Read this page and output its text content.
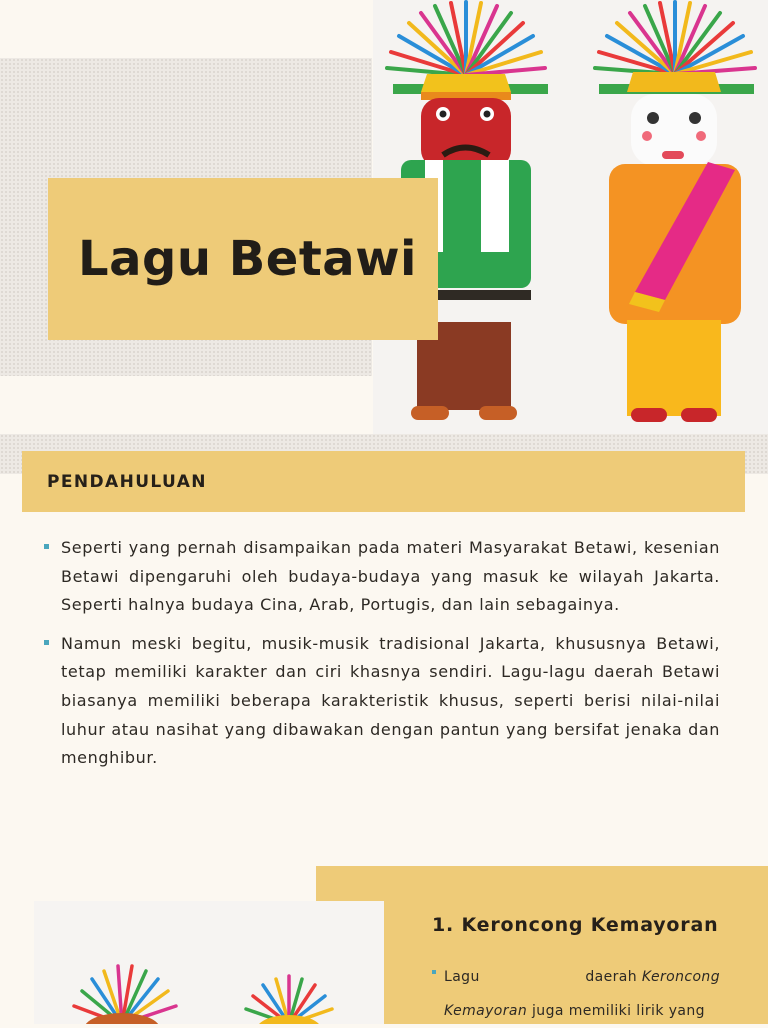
Lagu Betawi
PENDAHULUAN
Seperti yang pernah disampaikan pada materi Masyarakat Betawi, kesenian Betawi dipengaruhi oleh budaya-budaya yang masuk ke wilayah Jakarta. Seperti halnya budaya Cina, Arab, Portugis, dan lain sebagainya.
Namun meski begitu, musik-musik tradisional Jakarta, khususnya Betawi, tetap memiliki karakter dan ciri khasnya sendiri. Lagu-lagu daerah Betawi biasanya memiliki beberapa karakteristik khusus, seperti berisi nilai-nilai luhur atau nasihat yang dibawakan dengan pantun yang bersifat jenaka dan menghibur.
1. Keroncong Kemayoran
Lagu	daerah Keroncong
Kemayoran juga memiliki lirik yang
